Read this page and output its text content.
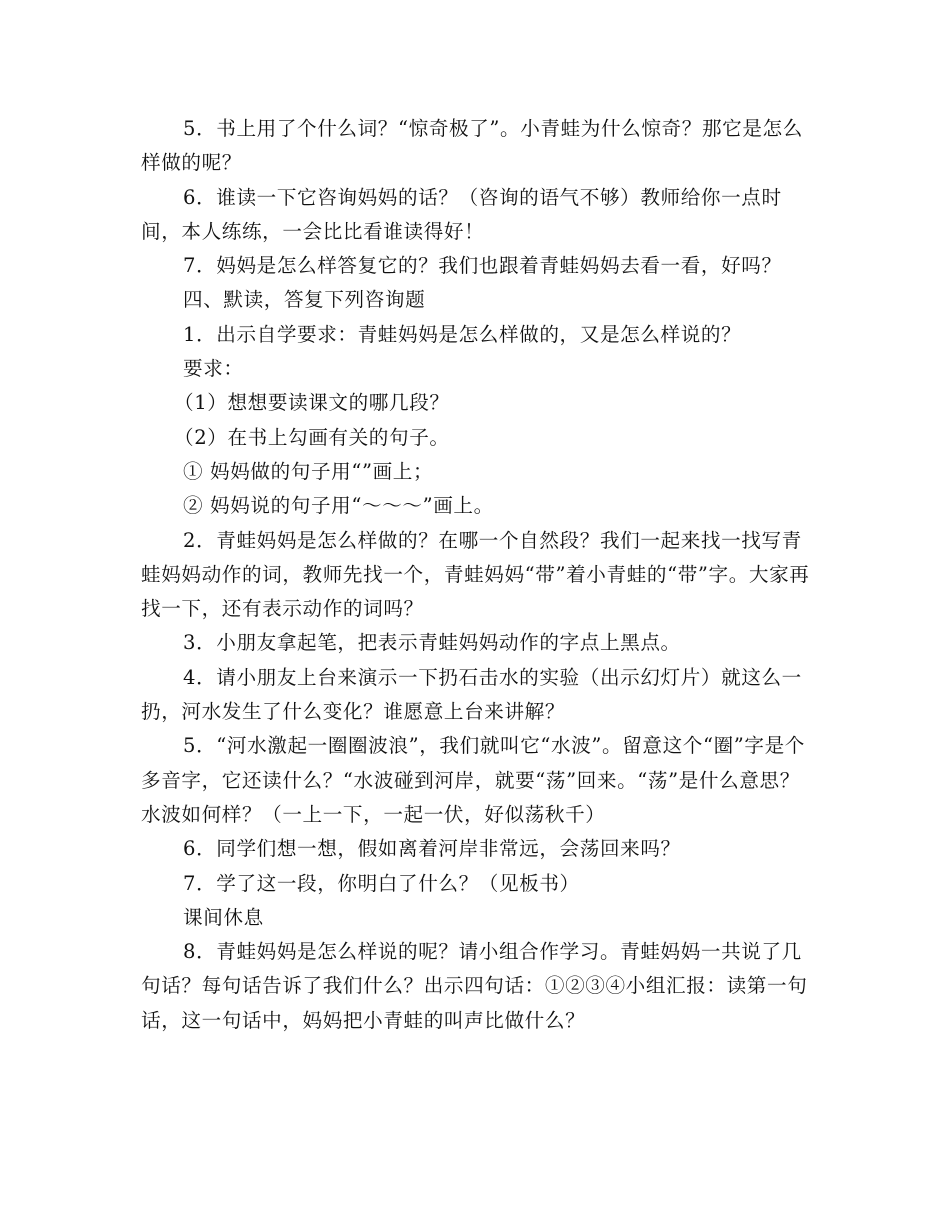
5．书上用了个什么词？“惊奇极了”。小青蛙为什么惊奇？那它是怎么样做的呢？

6．谁读一下它咨询妈妈的话？（咨询的语气不够）教师给你一点时间，本人练练，一会比比看谁读得好！

7．妈妈是怎么样答复它的？我们也跟着青蛙妈妈去看一看，好吗？

四、默读，答复下列咨询题

1．出示自学要求：青蛙妈妈是怎么样做的，又是怎么样说的？

要求：

（1）想想要读课文的哪几段？

（2）在书上勾画有关的句子。

① 妈妈做的句子用“”画上；

② 妈妈说的句子用“～～～”画上。

2．青蛙妈妈是怎么样做的？在哪一个自然段？我们一起来找一找写青蛙妈妈动作的词，教师先找一个，青蛙妈妈“带”着小青蛙的“带”字。大家再找一下，还有表示动作的词吗？

3．小朋友拿起笔，把表示青蛙妈妈动作的字点上黑点。

4．请小朋友上台来演示一下扔石击水的实验（出示幻灯片）就这么一扔，河水发生了什么变化？谁愿意上台来讲解？

5．“河水激起一圈圈波浪”，我们就叫它“水波”。留意这个“圈”字是个多音字，它还读什么？“水波碰到河岸，就要“荡”回来。“荡”是什么意思？水波如何样？（一上一下，一起一伏，好似荡秋千）

6．同学们想一想，假如离着河岸非常远，会荡回来吗？

7．学了这一段，你明白了什么？（见板书）

课间休息

8．青蛙妈妈是怎么样说的呢？请小组合作学习。青蛙妈妈一共说了几句话？每句话告诉了我们什么？出示四句话：①②③④小组汇报：读第一句话，这一句话中，妈妈把小青蛙的叫声比做什么？
